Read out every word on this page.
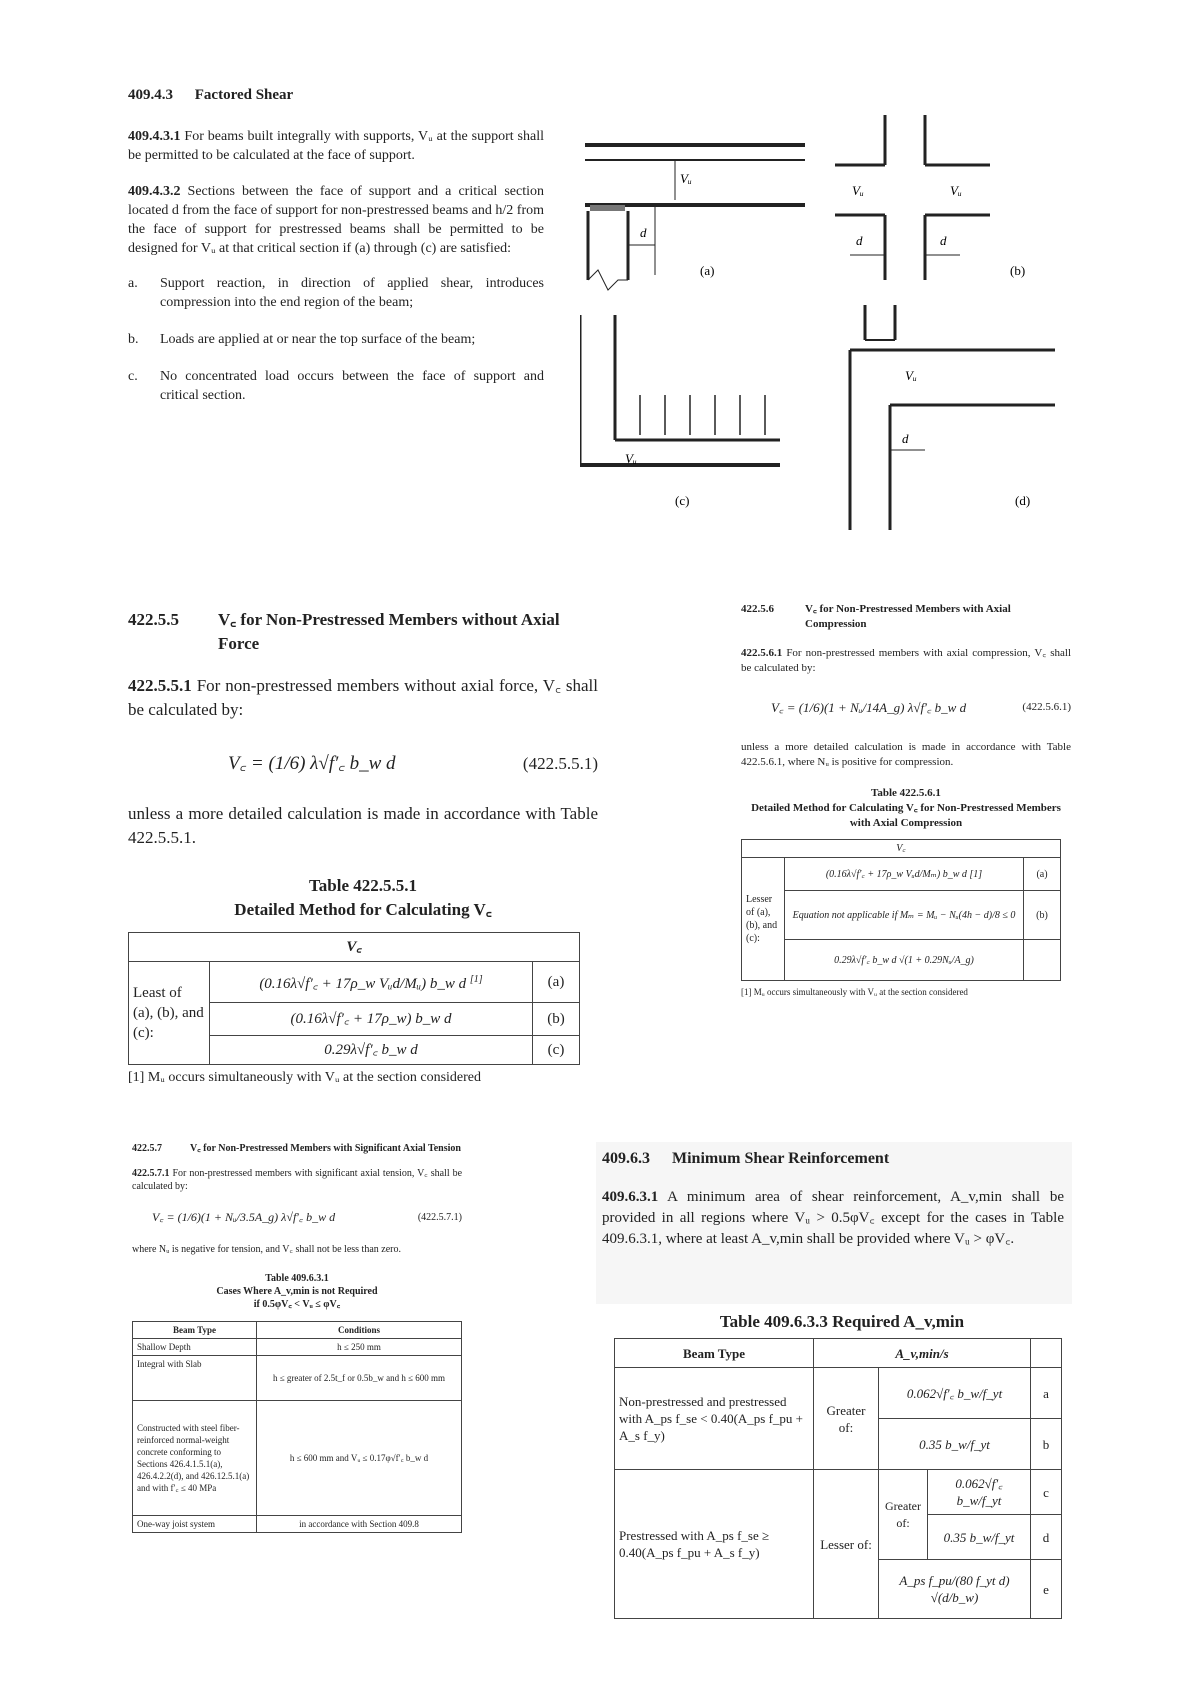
409.4.3 Factored Shear

409.4.3.1 For beams built integrally with supports, Vᵤ at the support shall be permitted to be calculated at the face of support.

409.4.3.2 Sections between the face of support and a critical section located d from the face of support for non-prestressed beams and h/2 from the face of support for prestressed beams shall be permitted to be designed for Vᵤ at that critical section if (a) through (c) are satisfied:

a. Support reaction, in direction of applied shear, introduces compression into the end region of the beam;
b. Loads are applied at or near the top surface of the beam;
c. No concentrated load occurs between the face of support and critical section.
d
Vᵤ
(a)
d	d
Vᵤ	Vᵤ
(b)
Vᵤ
(c)
Vᵤ
d
(d)
422.5.5	V꜀ for Non-Prestressed Members without Axial Force

422.5.5.1 For non-prestressed members without axial force, V꜀ shall be calculated by:

V꜀ = (1/6) λ√f′꜀ b_w d	(422.5.5.1)

unless a more detailed calculation is made in accordance with Table 422.5.5.1.

Table 422.5.5.1
Detailed Method for Calculating V꜀
V꜀		
Least of (a), (b), and (c):	(0.16λ√f′꜀ + 17ρ_w Vᵤd/Mᵤ) b_w d [1]	(a)
	(0.16λ√f′꜀ + 17ρ_w) b_w d	(b)
	0.29λ√f′꜀ b_w d	(c)

[1] Mᵤ occurs simultaneously with Vᵤ at the section considered

422.5.6	V꜀ for Non-Prestressed Members with Axial Compression

422.5.6.1 For non-prestressed members with axial compression, V꜀ shall be calculated by:

V꜀ = (1/6)(1 + Nᵤ/14A_g) λ√f′꜀ b_w d	(422.5.6.1)

unless a more detailed calculation is made in accordance with Table 422.5.6.1, where Nᵤ is positive for compression.

Table 422.5.6.1
Detailed Method for Calculating V꜀ for Non-Prestressed Members with Axial Compression
V꜀		
Lesser of (a), (b), and (c):	(0.16λ√f′꜀ + 17ρ_w Vᵤd/Mₘ) b_w d [1]	(a)
	Equation not applicable if Mₘ = Mᵤ − Nᵤ(4h − d)/8 ≤ 0	(b)
	0.29λ√f′꜀ b_w d √(1 + 0.29Nᵤ/A_g)	

[1] Mᵤ occurs simultaneously with Vᵤ at the section considered

422.5.7	V꜀ for Non-Prestressed Members with Significant Axial Tension

422.5.7.1 For non-prestressed members with significant axial tension, V꜀ shall be calculated by:

V꜀ = (1/6)(1 + Nᵤ/3.5A_g) λ√f′꜀ b_w d	(422.5.7.1)

where Nᵤ is negative for tension, and V꜀ shall not be less than zero.

Table 409.6.3.1
Cases Where A_v,min is not Required
if 0.5φV꜀ < Vᵤ ≤ φV꜀
Beam Type	Conditions
Shallow Depth	h ≤ 250 mm
Integral with Slab	h ≤ greater of 2.5t_f or 0.5b_w and h ≤ 600 mm
Constructed with steel fiber-reinforced normal-weight concrete conforming to Sections 426.4.1.5.1(a), 426.4.2.2(d), and 426.12.5.1(a) and with f′꜀ ≤ 40 MPa	h ≤ 600 mm and Vᵤ ≤ 0.17φ√f′꜀ b_w d
One-way joist system	in accordance with Section 409.8
409.6.3 Minimum Shear Reinforcement

409.6.3.1 A minimum area of shear reinforcement, A_v,min shall be provided in all regions where Vᵤ > 0.5φV꜀ except for the cases in Table 409.6.3.1, where at least A_v,min shall be provided where Vᵤ > φV꜀.

Table 409.6.3.3 Required A_v,min
Beam Type	A_v,min/s			
Non-prestressed and prestressed with A_ps f_se < 0.40(A_ps f_pu + A_s f_y)	Greater of:	0.062√f′꜀ b_w/f_yt		a
		0.35 b_w/f_yt		b
Prestressed with A_ps f_se ≥ 0.40(A_ps f_pu + A_s f_y)	Lesser of:	Greater of:	0.062√f′꜀ b_w/f_yt	c
			0.35 b_w/f_yt	d
		A_ps f_pu/(80 f_yt d) √(d/b_w)		e
